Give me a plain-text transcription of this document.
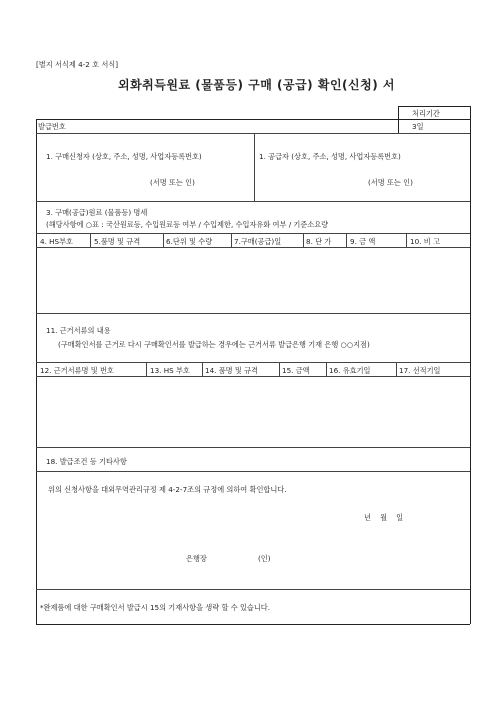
[별지 서식제 4-2 호 서식]
외화취득원료 (물품등) 구매 (공급) 확인(신청) 서
처리기간
3일
발급번호
1. 구매신청자 (상호, 주소, 성명, 사업자등록번호)
(서명 또는 인)
1. 공급자 (상호, 주소, 성명, 사업자등록번호)
(서명 또는 인)
3. 구매(공급)원료 (물품등) 명세
(해당사항에 ○표 : 국산원료등, 수입원료등 여부 / 수입제한, 수입자유화 여부 / 기준소요량
4. HS부호	5.품명 및 규격	6.단위 및 수량	7.구매(공급)일	8. 단 가	9. 금 액	10. 비 고
11. 근거서류의 내용
(구매확인서를 근거로 다시 구매확인서를 발급하는 경우에는 근거서류 발급은행 기재 은행 ○○지점)
12. 근거서류명 및 번호	13. HS 부호 14. 품명 및 규격	15. 금액	16. 유효기일	17. 선적기일
18. 발급조건 등 기타사항
위의 신청사항을 대외무역관리규정 제 4-2-7조의 규정에 의하여 확인합니다.
년    월    일
은행장	(인)
*완제품에 대한 구매확인서 발급시 15의 기재사항을 생략 할 수 있습니다.
